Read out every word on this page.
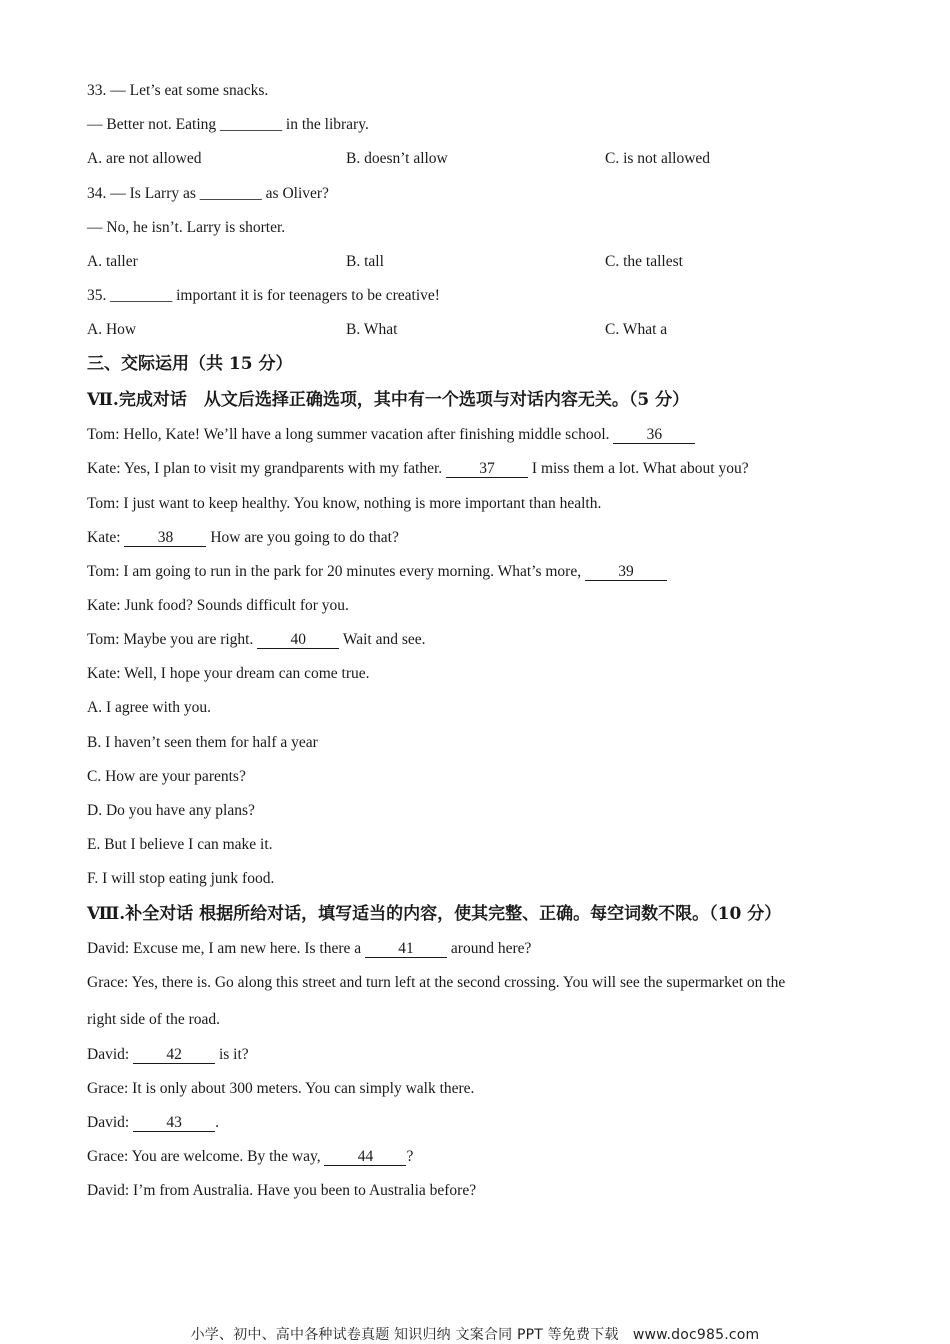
33. — Let’s eat some snacks.
— Better not. Eating ________ in the library.
A. are not allowed	B. doesn’t allow	C. is not allowed
34. — Is Larry as ________ as Oliver?
— No, he isn’t. Larry is shorter.
A. taller	B. tall	C. the tallest
35. ________ important it is for teenagers to be creative!
A. How	B. What	C. What a
三、交际运用（共 15 分）
Ⅶ.完成对话　从文后选择正确选项，其中有一个选项与对话内容无关。（5 分）
Tom: Hello, Kate! We’ll have a long summer vacation after finishing middle school. 36
Kate: Yes, I plan to visit my grandparents with my father. 37 I miss them a lot. What about you?
Tom: I just want to keep healthy. You know, nothing is more important than health.
Kate: 38 How are you going to do that?
Tom: I am going to run in the park for 20 minutes every morning. What’s more, 39
Kate: Junk food? Sounds difficult for you.
Tom: Maybe you are right. 40 Wait and see.
Kate: Well, I hope your dream can come true.
A. I agree with you.
B. I haven’t seen them for half a year
C. How are your parents?
D. Do you have any plans?
E. But I believe I can make it.
F. I will stop eating junk food.
Ⅷ.补全对话 根据所给对话，填写适当的内容，使其完整、正确。每空词数不限。（10 分）
David: Excuse me, I am new here. Is there a 41 around here?
Grace: Yes, there is. Go along this street and turn left at the second crossing. You will see the supermarket on the
right side of the road.
David: 42 is it?
Grace: It is only about 300 meters. You can simply walk there.
David: 43 .
Grace: You are welcome. By the way, 44 ?
David: I’m from Australia. Have you been to Australia before?
小学、初中、高中各种试卷真题 知识归纳 文案合同 PPT 等免费下载　www.doc985.com
